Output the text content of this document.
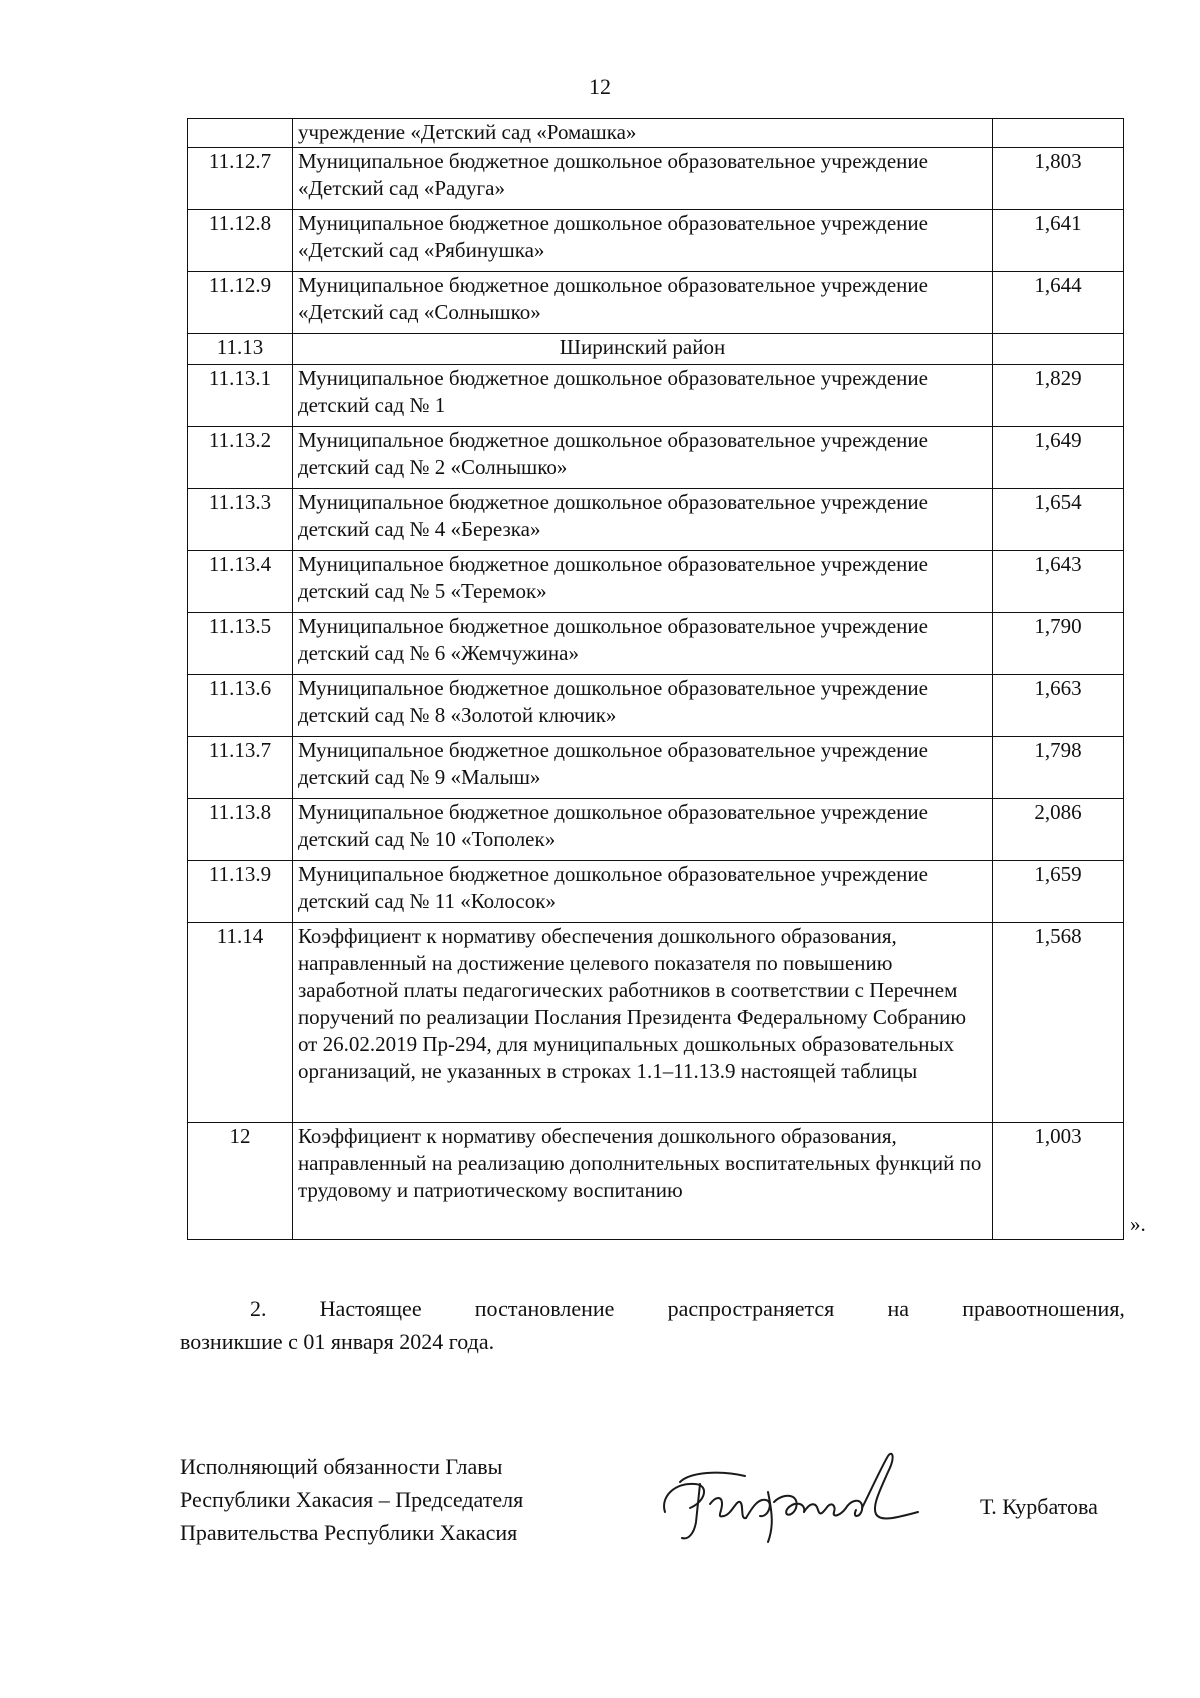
12
	учреждение «Детский сад «Ромашка»	
11.12.7	Муниципальное бюджетное дошкольное образовательное учреждение «Детский сад «Радуга»	1,803
11.12.8	Муниципальное бюджетное дошкольное образовательное учреждение «Детский сад «Рябинушка»	1,641
11.12.9	Муниципальное бюджетное дошкольное образовательное учреждение «Детский сад «Солнышко»	1,644
11.13	Ширинский район	
11.13.1	Муниципальное бюджетное дошкольное образовательное учреждение детский сад № 1	1,829
11.13.2	Муниципальное бюджетное дошкольное образовательное учреждение детский сад № 2 «Солнышко»	1,649
11.13.3	Муниципальное бюджетное дошкольное образовательное учреждение детский сад № 4 «Березка»	1,654
11.13.4	Муниципальное бюджетное дошкольное образовательное учреждение детский сад № 5 «Теремок»	1,643
11.13.5	Муниципальное бюджетное дошкольное образовательное учреждение детский сад № 6 «Жемчужина»	1,790
11.13.6	Муниципальное бюджетное дошкольное образовательное учреждение детский сад № 8 «Золотой ключик»	1,663
11.13.7	Муниципальное бюджетное дошкольное образовательное учреждение детский сад № 9 «Малыш»	1,798
11.13.8	Муниципальное бюджетное дошкольное образовательное учреждение детский сад № 10 «Тополек»	2,086
11.13.9	Муниципальное бюджетное дошкольное образовательное учреждение детский сад № 11 «Колосок»	1,659
11.14	Коэффициент к нормативу обеспечения дошкольного образования, направленный на достижение целевого показателя по повышению заработной платы педагогических работников в соответствии с Перечнем поручений по реализации Послания Президента Федеральному Собранию от 26.02.2019 Пр-294, для муниципальных дошкольных образовательных организаций, не указанных в строках 1.1–11.13.9 настоящей таблицы	1,568
12	Коэффициент к нормативу обеспечения дошкольного образования, направленный на реализацию дополнительных воспитательных функций по трудовому и патриотическому воспитанию	1,003
».
2. Настоящее постановление распространяется на правоотношения,
возникшие с 01 января 2024 года.
Исполняющий обязанности Главы
Республики Хакасия – Председателя
Правительства Республики Хакасия
Т. Курбатова
